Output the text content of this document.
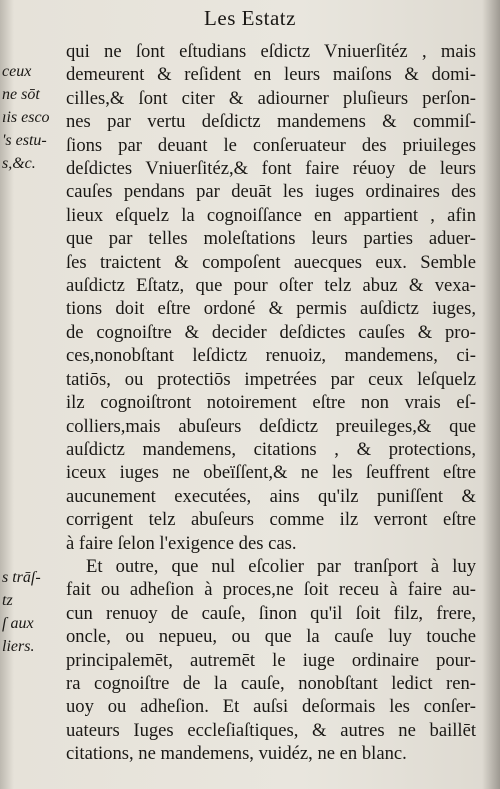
Les Estatz
ceux
ne sōt
ıis esco
's estu-
s,&c.
s trāſ-
tz
ſ aux
liers.
qui ne ſont eſtudians eſdictz Vniuerſitéz , mais
demeurent & reſident en leurs maiſons & domi-
cilles,& ſont citer & adiourner pluſieurs perſon-
nes par vertu deſdictz mandemens & commiſ-
ſions par deuant le conſeruateur des priuileges
deſdictes Vniuerſitéz,& font faire réuoy de leurs
cauſes pendans par deuāt les iuges ordinaires des
lieux eſquelz la cognoiſſance en appartient , afin
que par telles moleſtations leurs parties aduer-
ſes traictent & compoſent auecques eux. Semble
auſdictz Eſtatz, que pour oſter telz abuz & vexa-
tions doit eſtre ordoné & permis auſdictz iuges,
de cognoiſtre & decider deſdictes cauſes & pro-
ces,nonobſtant leſdictz renuoiz, mandemens, ci-
tatiōs, ou protectiōs impetrées par ceux leſquelz
ilz cognoiſtront notoirement eſtre non vrais eſ-
colliers,mais abuſeurs deſdictz preuileges,& que
auſdictz mandemens, citations , & protections,
iceux iuges ne obeïſſent,& ne les ſeuffrent eſtre
aucunement executées, ains qu'ilz puniſſent &
corrigent telz abuſeurs comme ilz verront eſtre
à faire ſelon l'exigence des cas.
Et outre, que nul eſcolier par tranſport à luy
fait ou adheſion à proces,ne ſoit receu à faire au-
cun renuoy de cauſe, ſinon qu'il ſoit filz, frere,
oncle, ou nepueu, ou que la cauſe luy touche
principalemēt, autremēt le iuge ordinaire pour-
ra cognoiſtre de la cauſe, nonobſtant ledict ren-
uoy ou adheſion. Et auſsi deſormais les conſer-
uateurs Iuges eccleſiaſtiques, & autres ne baillēt
citations, ne mandemens, vuidéz, ne en blanc.
